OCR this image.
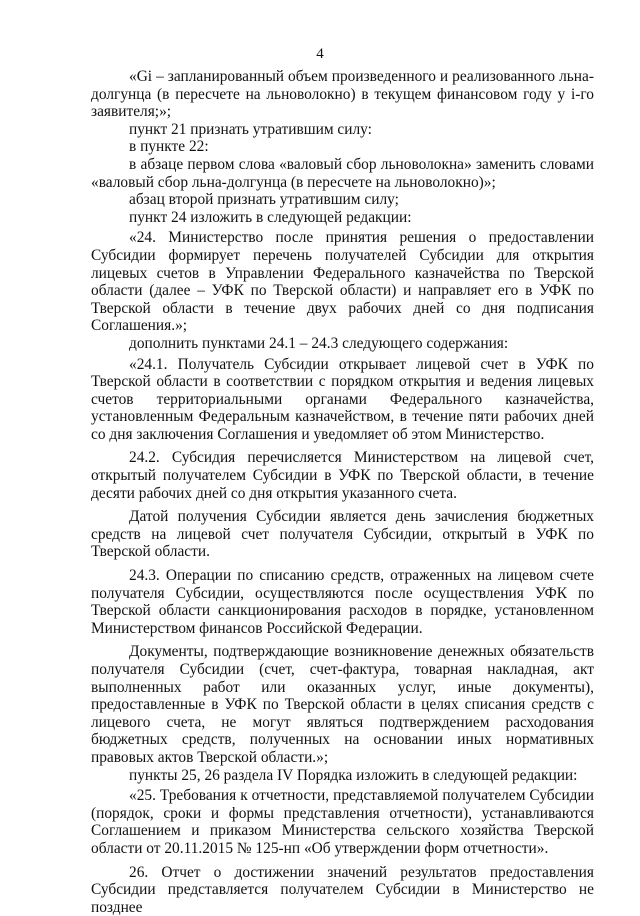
4

«Gi – запланированный объем произведенного и реализованного льна-долгунца (в пересчете на льноволокно) в текущем финансовом году у i-го заявителя;»;

пункт 21 признать утратившим силу:

в пункте 22:

в абзаце первом слова «валовый сбор льноволокна» заменить словами «валовый сбор льна-долгунца (в пересчете на льноволокно)»;

абзац второй признать утратившим силу;

пункт 24 изложить в следующей редакции:

«24. Министерство после принятия решения о предоставлении Субсидии формирует перечень получателей Субсидии для открытия лицевых счетов в Управлении Федерального казначейства по Тверской области (далее – УФК по Тверской области) и направляет его в УФК по Тверской области в течение двух рабочих дней со дня подписания Соглашения.»;

дополнить пунктами 24.1 – 24.3 следующего содержания:

«24.1. Получатель Субсидии открывает лицевой счет в УФК по Тверской области в соответствии с порядком открытия и ведения лицевых счетов территориальными органами Федерального казначейства, установленным Федеральным казначейством, в течение пяти рабочих дней со дня заключения Соглашения и уведомляет об этом Министерство.

24.2. Субсидия перечисляется Министерством на лицевой счет, открытый получателем Субсидии в УФК по Тверской области, в течение десяти рабочих дней со дня открытия указанного счета.

Датой получения Субсидии является день зачисления бюджетных средств на лицевой счет получателя Субсидии, открытый в УФК по Тверской области.

24.3. Операции по списанию средств, отраженных на лицевом счете получателя Субсидии, осуществляются после осуществления УФК по Тверской области санкционирования расходов в порядке, установленном Министерством финансов Российской Федерации.

Документы, подтверждающие возникновение денежных обязательств получателя Субсидии (счет, счет-фактура, товарная накладная, акт выполненных работ или оказанных услуг, иные документы), предоставленные в УФК по Тверской области в целях списания средств с лицевого счета, не могут являться подтверждением расходования бюджетных средств, полученных на основании иных нормативных правовых актов Тверской области.»;

пункты 25, 26 раздела IV Порядка изложить в следующей редакции:

«25. Требования к отчетности, представляемой получателем Субсидии (порядок, сроки и формы представления отчетности), устанавливаются Соглашением и приказом Министерства сельского хозяйства Тверской области от 20.11.2015 № 125-нп «Об утверждении форм отчетности».

26. Отчет о достижении значений результатов предоставления Субсидии представляется получателем Субсидии в Министерство не позднее
